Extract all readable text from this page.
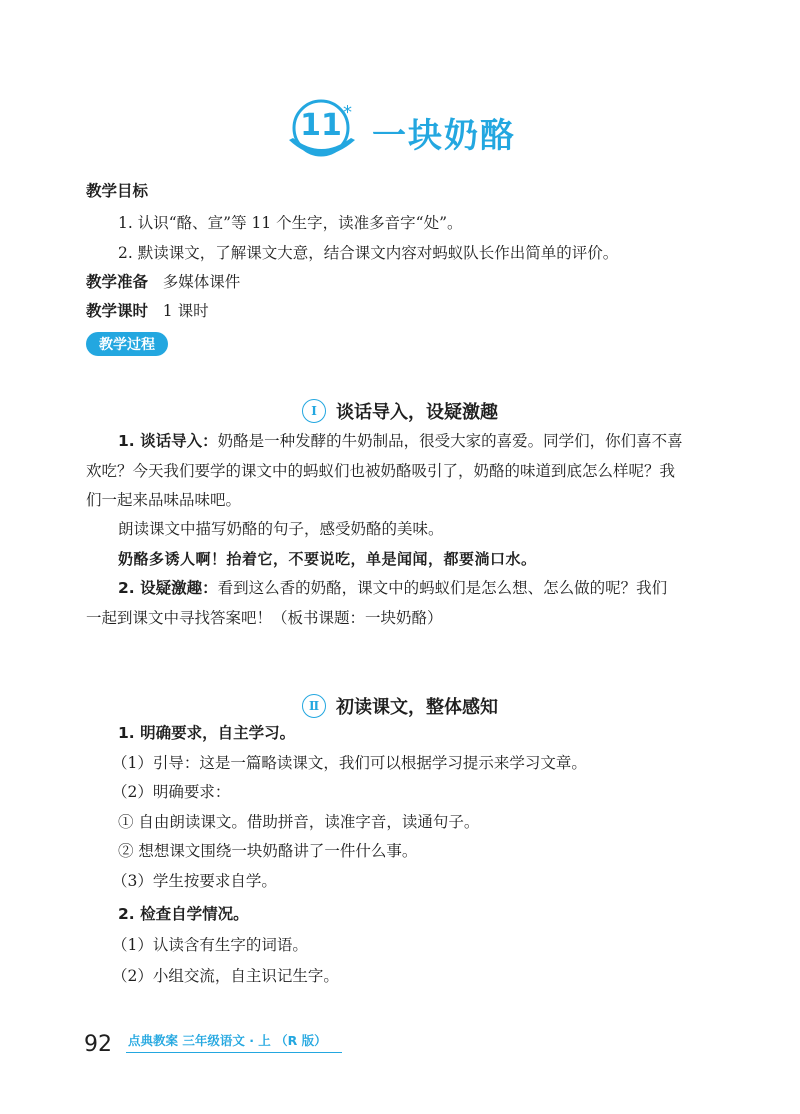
11 *
一块奶酪
教学目标
1. 认识“酪、宣”等 11 个生字，读准多音字“处”。
2. 默读课文，了解课文大意，结合课文内容对蚂蚁队长作出简单的评价。
教学准备 多媒体课件
教学课时 1 课时
教学过程
Ⅰ	谈话导入，设疑激趣
1. 谈话导入：奶酪是一种发酵的牛奶制品，很受大家的喜爱。同学们，你们喜不喜
欢吃？今天我们要学的课文中的蚂蚁们也被奶酪吸引了，奶酪的味道到底怎么样呢？我
们一起来品味品味吧。
朗读课文中描写奶酪的句子，感受奶酪的美味。
奶酪多诱人啊！抬着它，不要说吃，单是闻闻，都要淌口水。
2. 设疑激趣：看到这么香的奶酪，课文中的蚂蚁们是怎么想、怎么做的呢？我们
一起到课文中寻找答案吧！（板书课题：一块奶酪）
Ⅱ 初读课文，整体感知
1. 明确要求，自主学习。
（1）引导：这是一篇略读课文，我们可以根据学习提示来学习文章。
（2）明确要求：
① 自由朗读课文。借助拼音，读准字音，读通句子。
② 想想课文围绕一块奶酪讲了一件什么事。
（3）学生按要求自学。
2. 检查自学情况。
（1）认读含有生字的词语。
（2）小组交流，自主识记生字。
92 点典教案 三年级语文 · 上 （R 版）
